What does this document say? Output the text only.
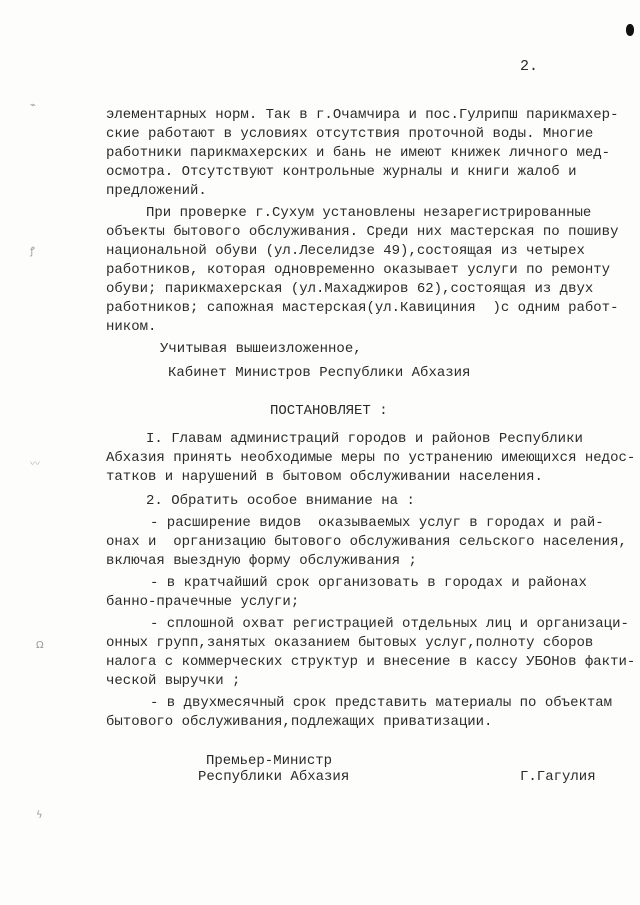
2.
⌁
ꝭ
〰
Ω
ϟ
элементарных норм. Так в г.Очамчира и пос.Гулрипш парикмахер-
ские работают в условиях отсутствия проточной воды. Многие
работники парикмахерских и бань не имеют книжек личного мед-
осмотра. Отсутствуют контрольные журналы и книги жалоб и
предложений.
При проверке г.Сухум установлены незарегистрированные
объекты бытового обслуживания. Среди них мастерская по пошиву
национальной обуви (ул.Леселидзе 49),состоящая из четырех
работников, которая одновременно оказывает услуги по ремонту
обуви; парикмахерская (ул.Махаджиров 62),состоящая из двух
работников; сапожная мастерская(ул.Кавициния  )с одним работ-
ником.
Учитывая вышеизложенное,
Кабинет Министров Республики Абхазия
ПОСТАНОВЛЯЕТ :
I. Главам администраций городов и районов Республики
Абхазия принять необходимые меры по устранению имеющихся недос-
татков и нарушений в бытовом обслуживании населения.
2. Обратить особое внимание на :
- расширение видов  оказываемых услуг в городах и рай-
онах и  организацию бытового обслуживания сельского населения,
включая выездную форму обслуживания ;
- в кратчайший срок организовать в городах и районах
банно-прачечные услуги;
- сплошной охват регистрацией отдельных лиц и организаци-
онных групп,занятых оказанием бытовых услуг,полноту сборов
налога с коммерческих структур и внесение в кассу УБОНов факти-
ческой выручки ;
- в двухмесячный срок представить материалы по объектам
бытового обслуживания,подлежащих приватизации.
Премьер-Министр
Республики Абхазия	Г.Гагулия
